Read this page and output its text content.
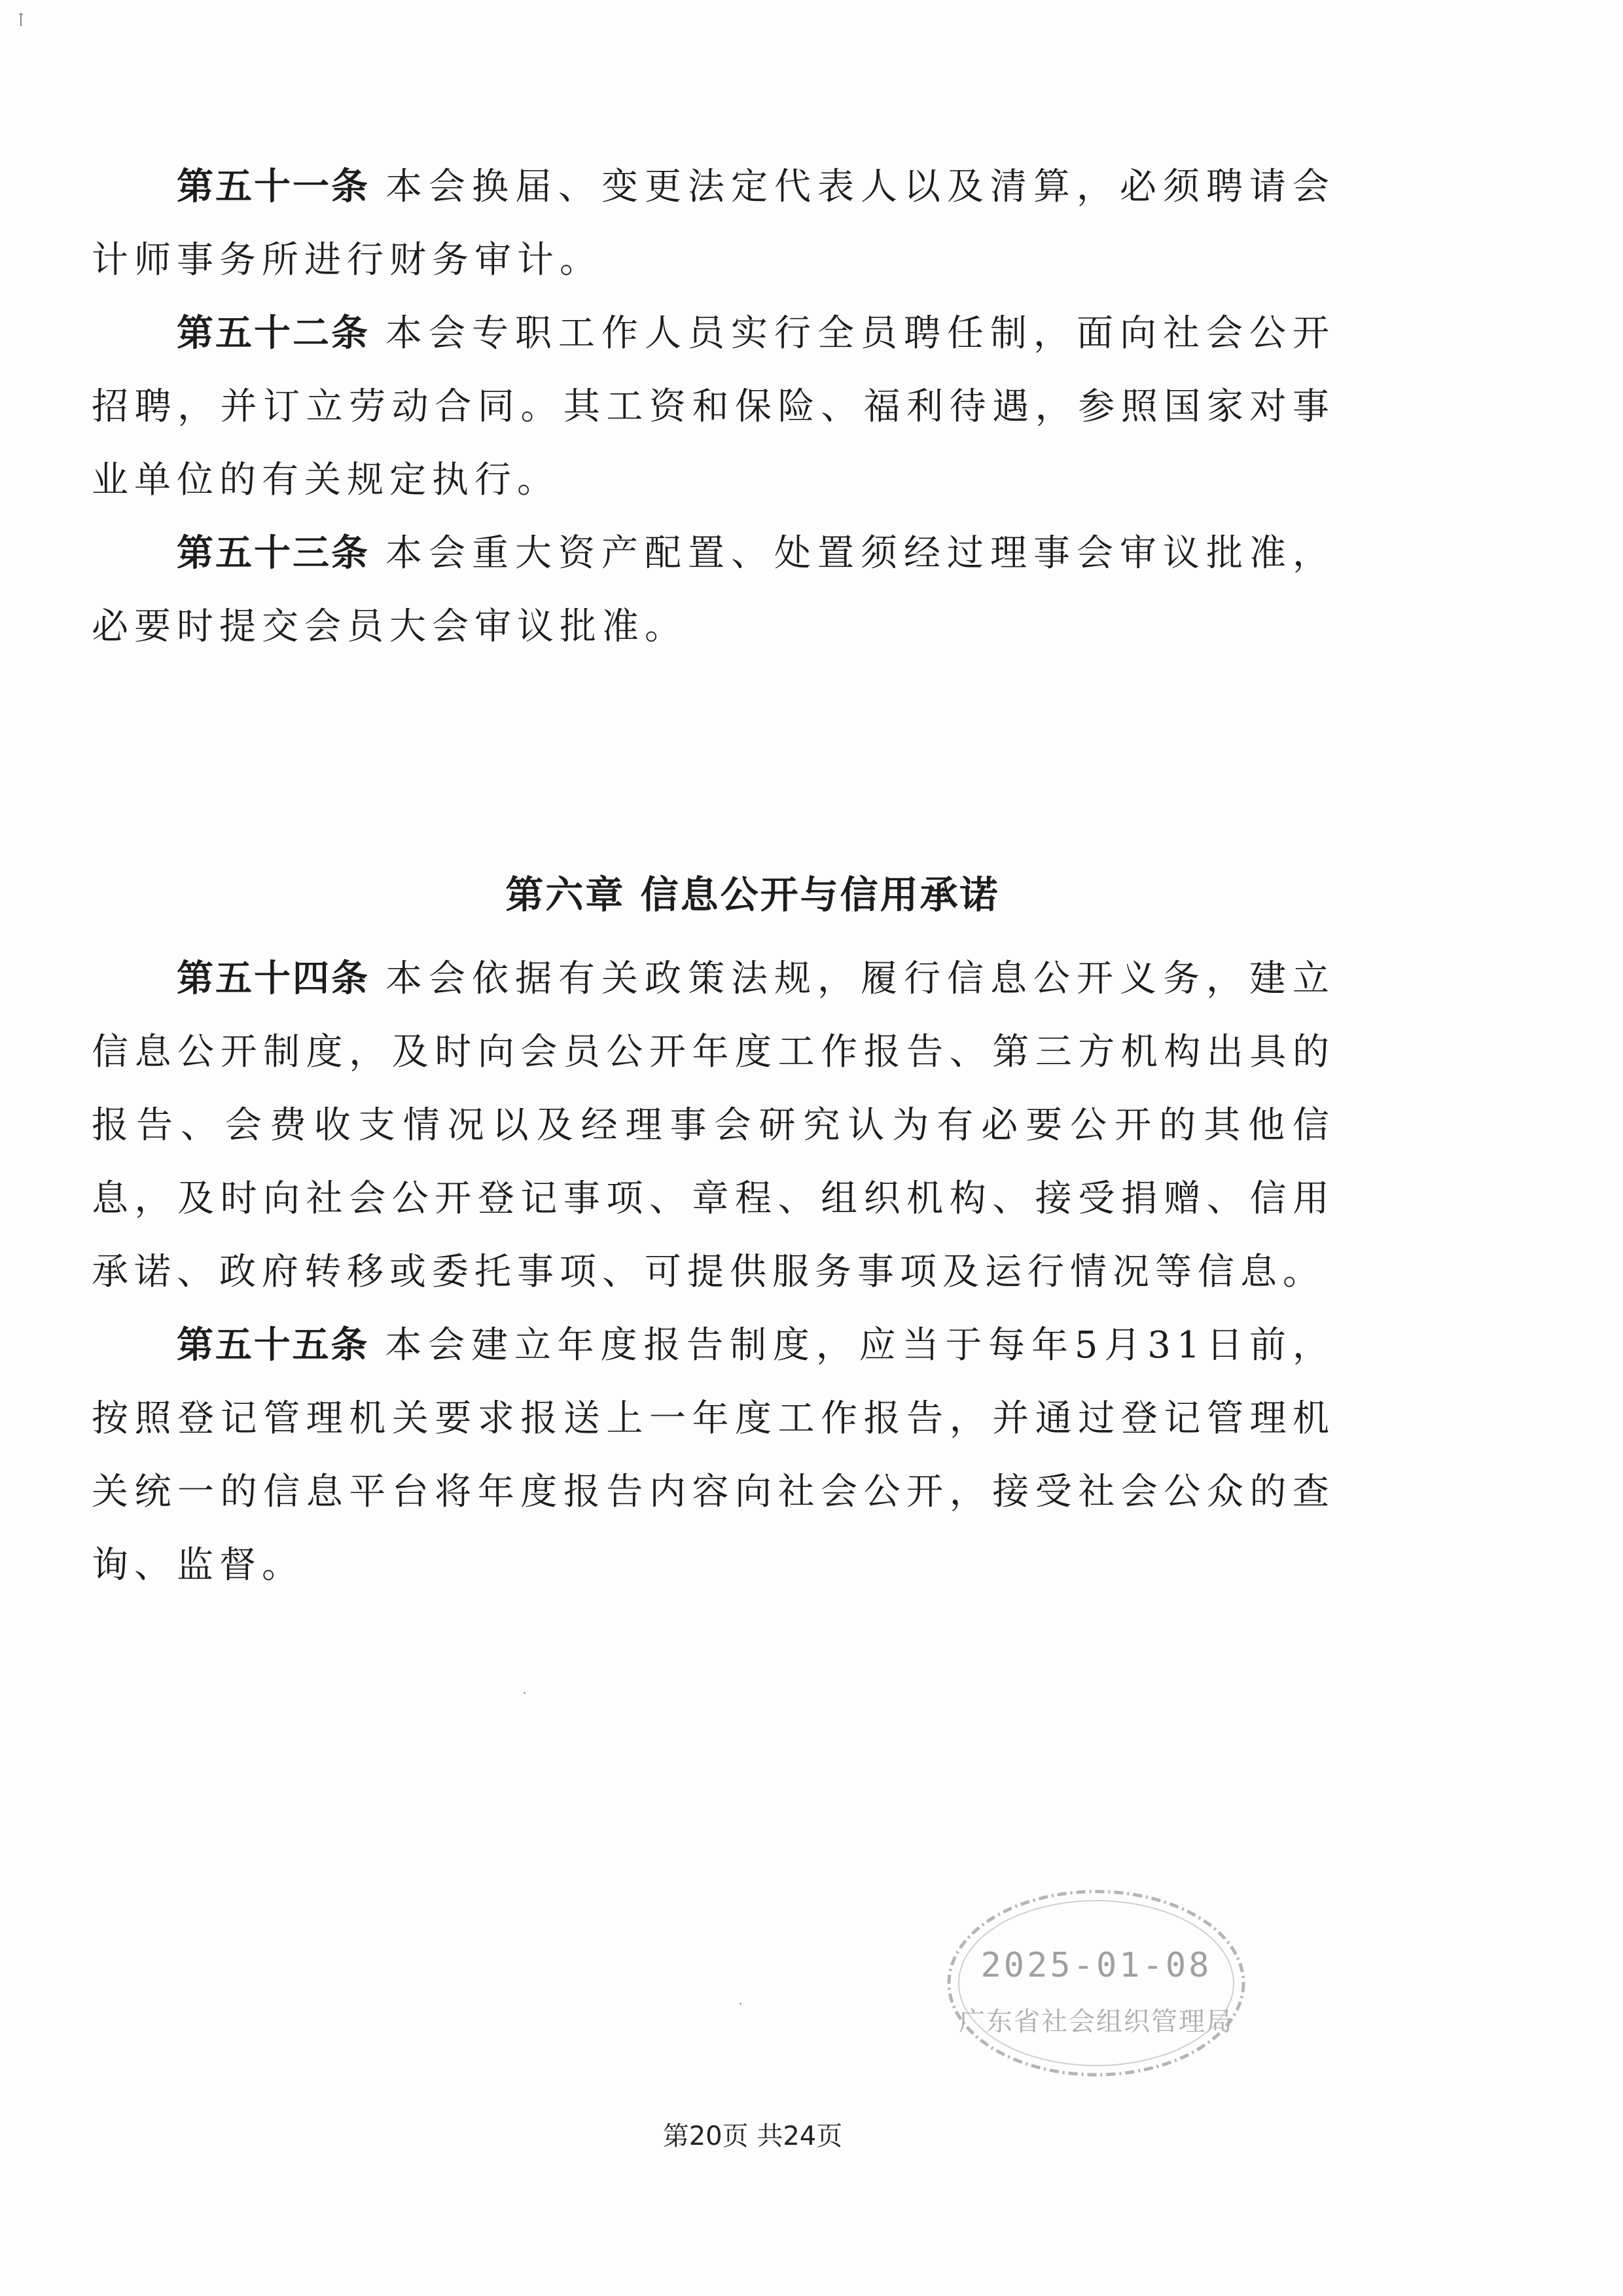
第五十一条 本会换届、变更法定代表人以及清算，必须聘请会计师事务所进行财务审计。

第五十二条 本会专职工作人员实行全员聘任制，面向社会公开招聘，并订立劳动合同。其工资和保险、福利待遇，参照国家对事业单位的有关规定执行。

第五十三条 本会重大资产配置、处置须经过理事会审议批准，必要时提交会员大会审议批准。

第六章 信息公开与信用承诺

第五十四条 本会依据有关政策法规，履行信息公开义务，建立信息公开制度，及时向会员公开年度工作报告、第三方机构出具的报告、会费收支情况以及经理事会研究认为有必要公开的其他信息，及时向社会公开登记事项、章程、组织机构、接受捐赠、信用承诺、政府转移或委托事项、可提供服务事项及运行情况等信息。

第五十五条 本会建立年度报告制度，应当于每年5月31日前，按照登记管理机关要求报送上一年度工作报告，并通过登记管理机关统一的信息平台将年度报告内容向社会公开，接受社会公众的查询、监督。

2025-01-08
广东省社会组织管理局
第20页 共24页
